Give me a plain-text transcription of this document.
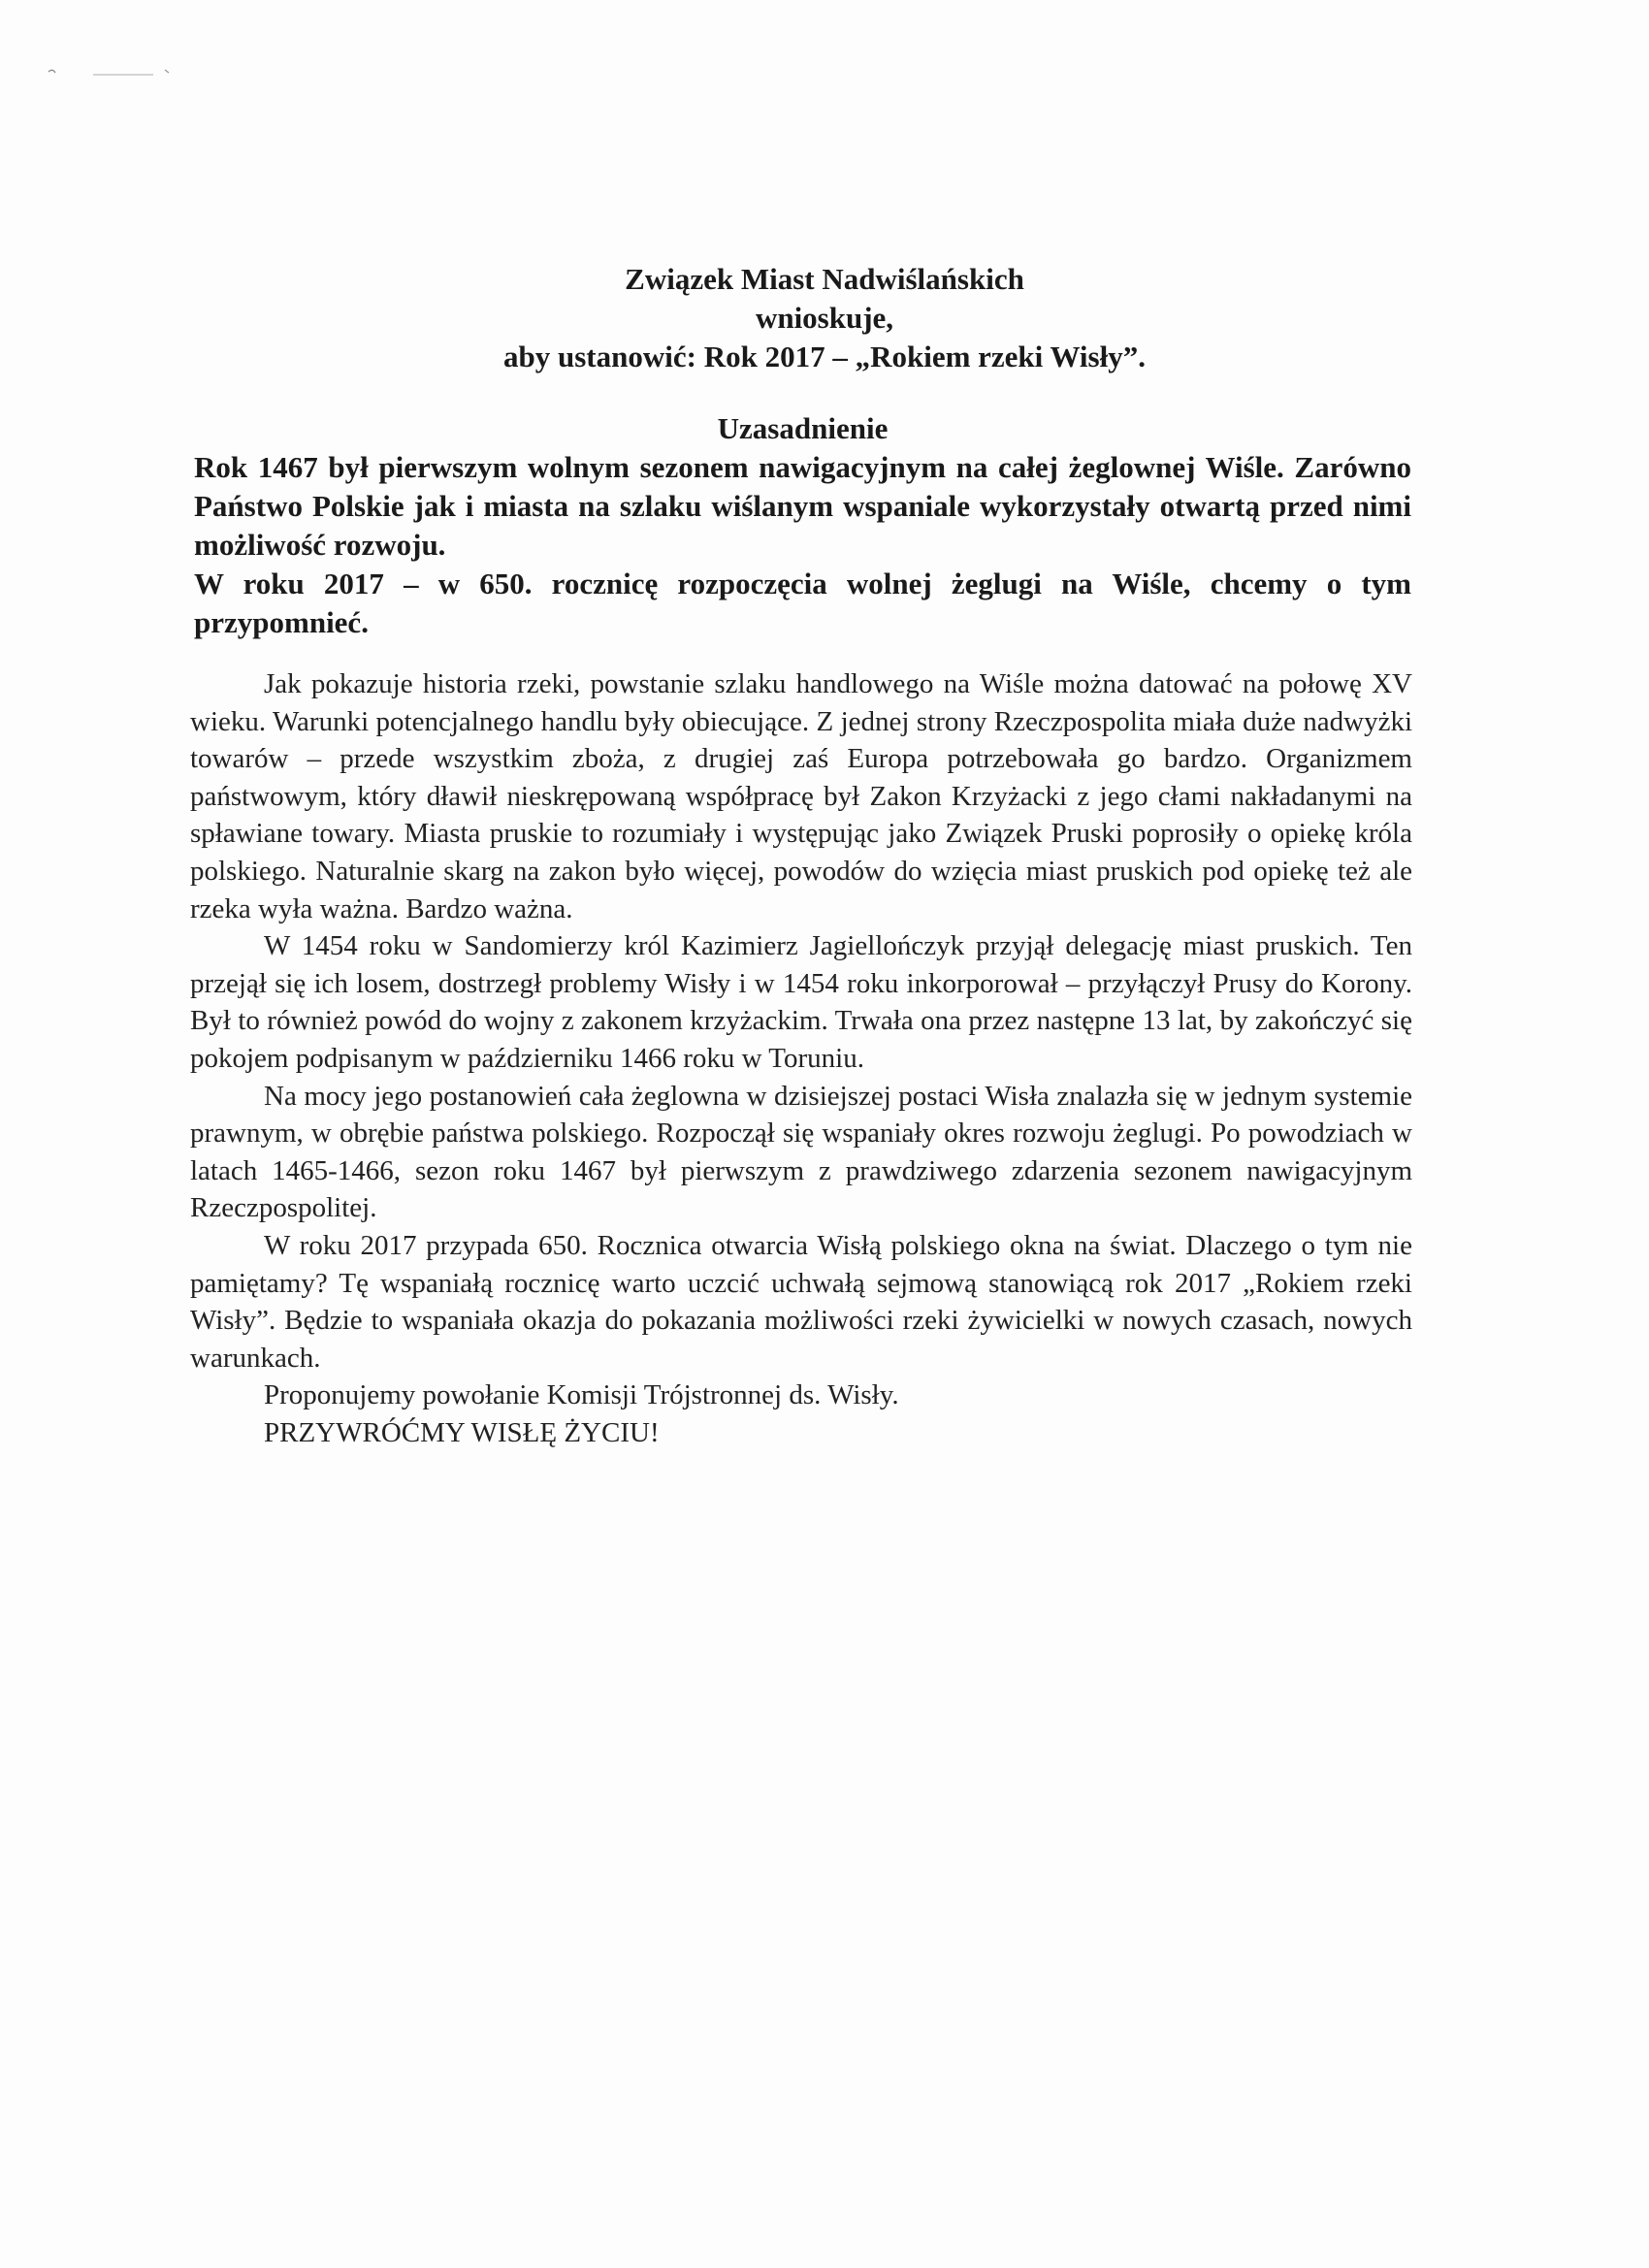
Związek Miast Nadwiślańskich
wnioskuje,
aby ustanowić: Rok 2017 – „Rokiem rzeki Wisły”.
Uzasadnienie

Rok 1467 był pierwszym wolnym sezonem nawigacyjnym na całej żeglownej Wiśle. Zarówno Państwo Polskie jak i miasta na szlaku wiślanym wspaniale wykorzystały otwartą przed nimi możliwość rozwoju.

W roku 2017 – w 650. rocznicę rozpoczęcia wolnej żeglugi na Wiśle, chcemy o tym przypomnieć.

Jak pokazuje historia rzeki, powstanie szlaku handlowego na Wiśle można datować na połowę XV wieku. Warunki potencjalnego handlu były obiecujące. Z jednej strony Rzeczpospolita miała duże nadwyżki towarów – przede wszystkim zboża, z drugiej zaś Europa potrzebowała go bardzo. Organizmem państwowym, który dławił nieskrępowaną współpracę był Zakon Krzyżacki z jego cłami nakładanymi na spławiane towary. Miasta pruskie to rozumiały i występując jako Związek Pruski poprosiły o opiekę króla polskiego. Naturalnie skarg na zakon było więcej, powodów do wzięcia miast pruskich pod opiekę też ale rzeka wyła ważna. Bardzo ważna.

W 1454 roku w Sandomierzy król Kazimierz Jagiellończyk przyjął delegację miast pruskich. Ten przejął się ich losem, dostrzegł problemy Wisły i w 1454 roku inkorporował – przyłączył Prusy do Korony. Był to również powód do wojny z zakonem krzyżackim. Trwała ona przez następne 13 lat, by zakończyć się pokojem podpisanym w październiku 1466 roku w Toruniu.

Na mocy jego postanowień cała żeglowna w dzisiejszej postaci Wisła znalazła się w jednym systemie prawnym, w obrębie państwa polskiego. Rozpoczął się wspaniały okres rozwoju żeglugi. Po powodziach w latach 1465-1466, sezon roku 1467 był pierwszym z prawdziwego zdarzenia sezonem nawigacyjnym Rzeczpospolitej.

W roku 2017 przypada 650. Rocznica otwarcia Wisłą polskiego okna na świat. Dlaczego o tym nie pamiętamy? Tę wspaniałą rocznicę warto uczcić uchwałą sejmową stanowiącą rok 2017 „Rokiem rzeki Wisły”. Będzie to wspaniała okazja do pokazania możliwości rzeki żywicielki w nowych czasach, nowych warunkach.

Proponujemy powołanie Komisji Trójstronnej ds. Wisły.

PRZYWRÓĆMY WISŁĘ ŻYCIU!
